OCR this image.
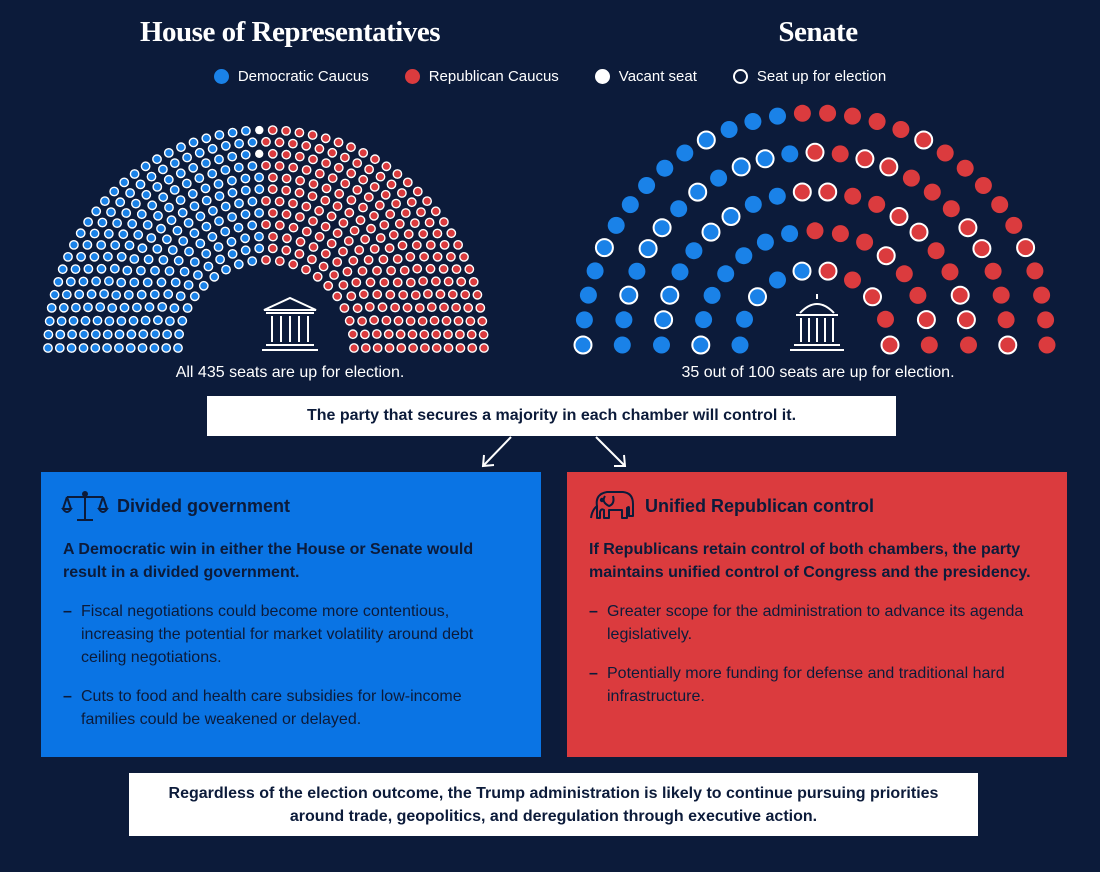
House of Representatives	Senate
Democratic Caucus	Republican Caucus	Vacant seat	Seat up for election
All 435 seats are up for election.	35 out of 100 seats are up for election.
The party that secures a majority in each chamber will control it.
Divided government
A Democratic win in either the House or Senate would result in a divided government.
– Fiscal negotiations could become more contentious, increasing the potential for market volatility around debt ceiling negotiations.
– Cuts to food and health care subsidies for low-income families could be weakened or delayed.
Unified Republican control
If Republicans retain control of both chambers, the party maintains unified control of Congress and the presidency.
– Greater scope for the administration to advance its agenda legislatively.
– Potentially more funding for defense and traditional hard infrastructure.
Regardless of the election outcome, the Trump administration is likely to continue pursuing priorities around trade, geopolitics, and deregulation through executive action.
